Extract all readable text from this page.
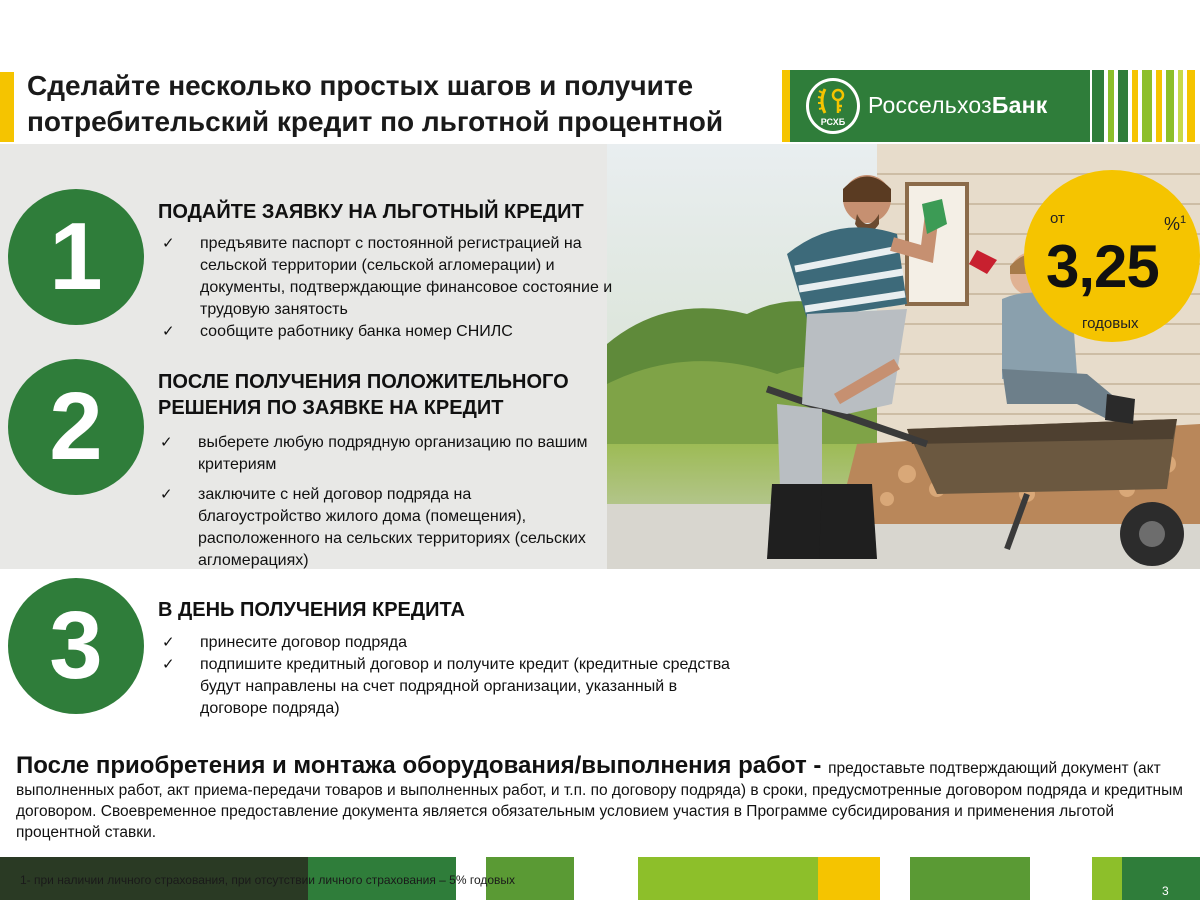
Сделайте несколько простых шагов и получите потребительский кредит по льготной процентной	РСХБ
РоссельхозБанк
от	%$^1$
3,25
годовых
1	ПОДАЙТЕ ЗАЯВКУ НА ЛЬГОТНЫЙ КРЕДИТ
✓ предъявите паспорт с постоянной регистрацией на сельской территории (сельской агломерации) и документы, подтверждающие финансовое состояние и трудовую занятость
✓ сообщите работнику банка номер СНИЛС
2	ПОСЛЕ ПОЛУЧЕНИЯ ПОЛОЖИТЕЛЬНОГО РЕШЕНИЯ ПО ЗАЯВКЕ НА КРЕДИТ
✓ выберете любую подрядную организацию по вашим критериям
✓ заключите с ней договор подряда на благоустройство жилого дома (помещения), расположенного на сельских территориях (сельских агломерациях)
3	В ДЕНЬ ПОЛУЧЕНИЯ КРЕДИТА
✓ принесите договор подряда
✓ подпишите кредитный договор и получите кредит (кредитные средства будут направлены на счет подрядной организации, указанный в договоре подряда)

После приобретения и монтажа оборудования/выполнения работ - предоставьте подтверждающий документ (акт выполненных работ, акт приема-передачи товаров и выполненных работ, и т.п. по договору подряда) в сроки, предусмотренные договором подряда и кредитным договором. Своевременное предоставление документа является обязательным условием участия в Программе субсидирования и применения льготой процентной ставки.

1- при наличии личного страхования, при отсутствии личного страхования – 5% годовых
3
